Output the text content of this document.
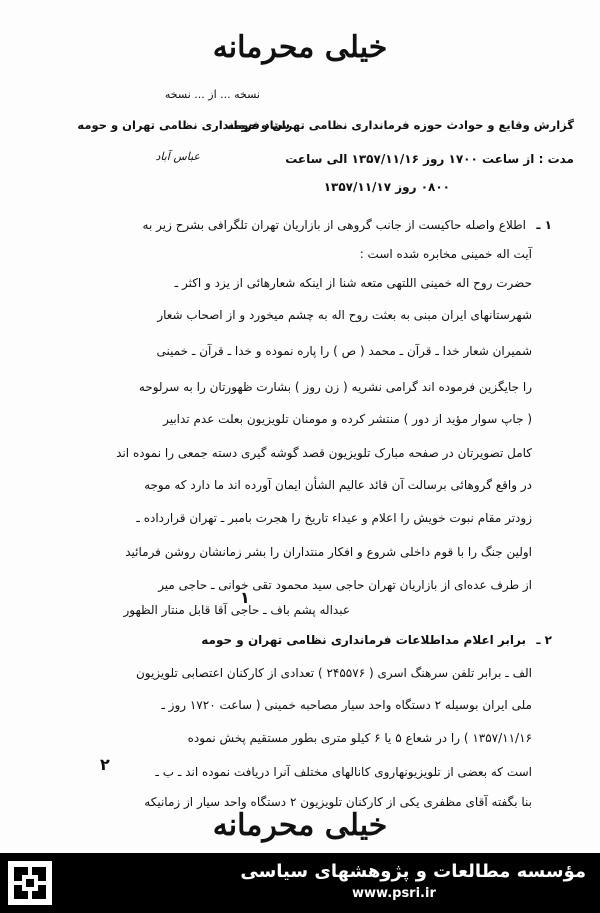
خیلی محرمانه
نسخه ... از ... نسخه
ستاد فرمانداری نظامی تهران و حومه
عباس آباد
گزارش وقایع و حوادث حوزه فرمانداری نظامی تهران و حومه
مدت : از ساعت ۱۷۰۰ روز ۱۳۵۷/۱۱/۱۶ الی ساعت
۰۸۰۰ روز ۱۳۵۷/۱۱/۱۷
۱ ـ
اطلاع واصله حاکیست از جانب گروهی از بازاریان تهران تلگرافی بشرح زیر به
آیت اله خمینی مخابره شده است :
حضرت روح اله خمینی اللتهی متعه شنا از اینکه شعارهائی از یزد و اکثر ـ
شهرستانهای ایران مبنی به بعثت روح اله به چشم میخورد و از اصحاب شعار
شمیران شعار خدا ـ قرآن ـ محمد ( ص ) را پاره نموده و خدا ـ قرآن ـ خمینی
را جایگزین فرموده اند گرامی نشریه ( زن روز ) بشارت ظهورتان را به سرلوحه
( جاپ سوار مؤید از دور ) منتشر کرده و مومنان تلویزیون بعلت عدم تدابیر
کامل تصویرتان در صفحه مبارک تلویزیون قصد گوشه گیری دسته جمعی را نموده اند
در واقع گروهائی برسالت آن قائد عالیم الشأن ایمان آورده اند ما دارد که موجه
زودتر مقام نبوت خویش را اعلام و عیداء تاریخ را هجرت بامبر ـ تهران قرارداده ـ
اولین جنگ را با قوم داخلی شروع و افکار منتداران را بشر زمانشان روشن فرمائید
از طرف عده‌ای از بازاریان تهران حاجی سید محمود تقی خوانی ـ حاجی میر
عبداله پشم باف ـ حاجی آقا قابل منتار الظهور
۱
۲ ـ
برابر اعلام مداطلاعات فرمانداری نظامی تهران و حومه
الف ـ برابر تلفن سرهنگ اسری ( ۲۴۵۵۷۶ ) تعدادی از کارکنان اعتصابی تلویزیون
ملی ایران بوسیله ۲ دستگاه واحد سیار مصاحبه خمینی ( ساعت ۱۷۲۰ روز ـ
۱۳۵۷/۱۱/۱۶ ) را در شعاع ۵ یا ۶ کیلو متری بطور مستقیم پخش نموده
است که بعضی از تلویزیونهاروی کانالهای مختلف آنرا دریافت نموده اند ـ ب ـ
بنا بگفته آقای مظفری یکی از کارکنان تلویزیون ۲ دستگاه واحد سیار از زمانیکه
۲
خیلی محرمانه
مؤسسه مطالعات و پژوهشهای سیاسی
www.psri.ir
